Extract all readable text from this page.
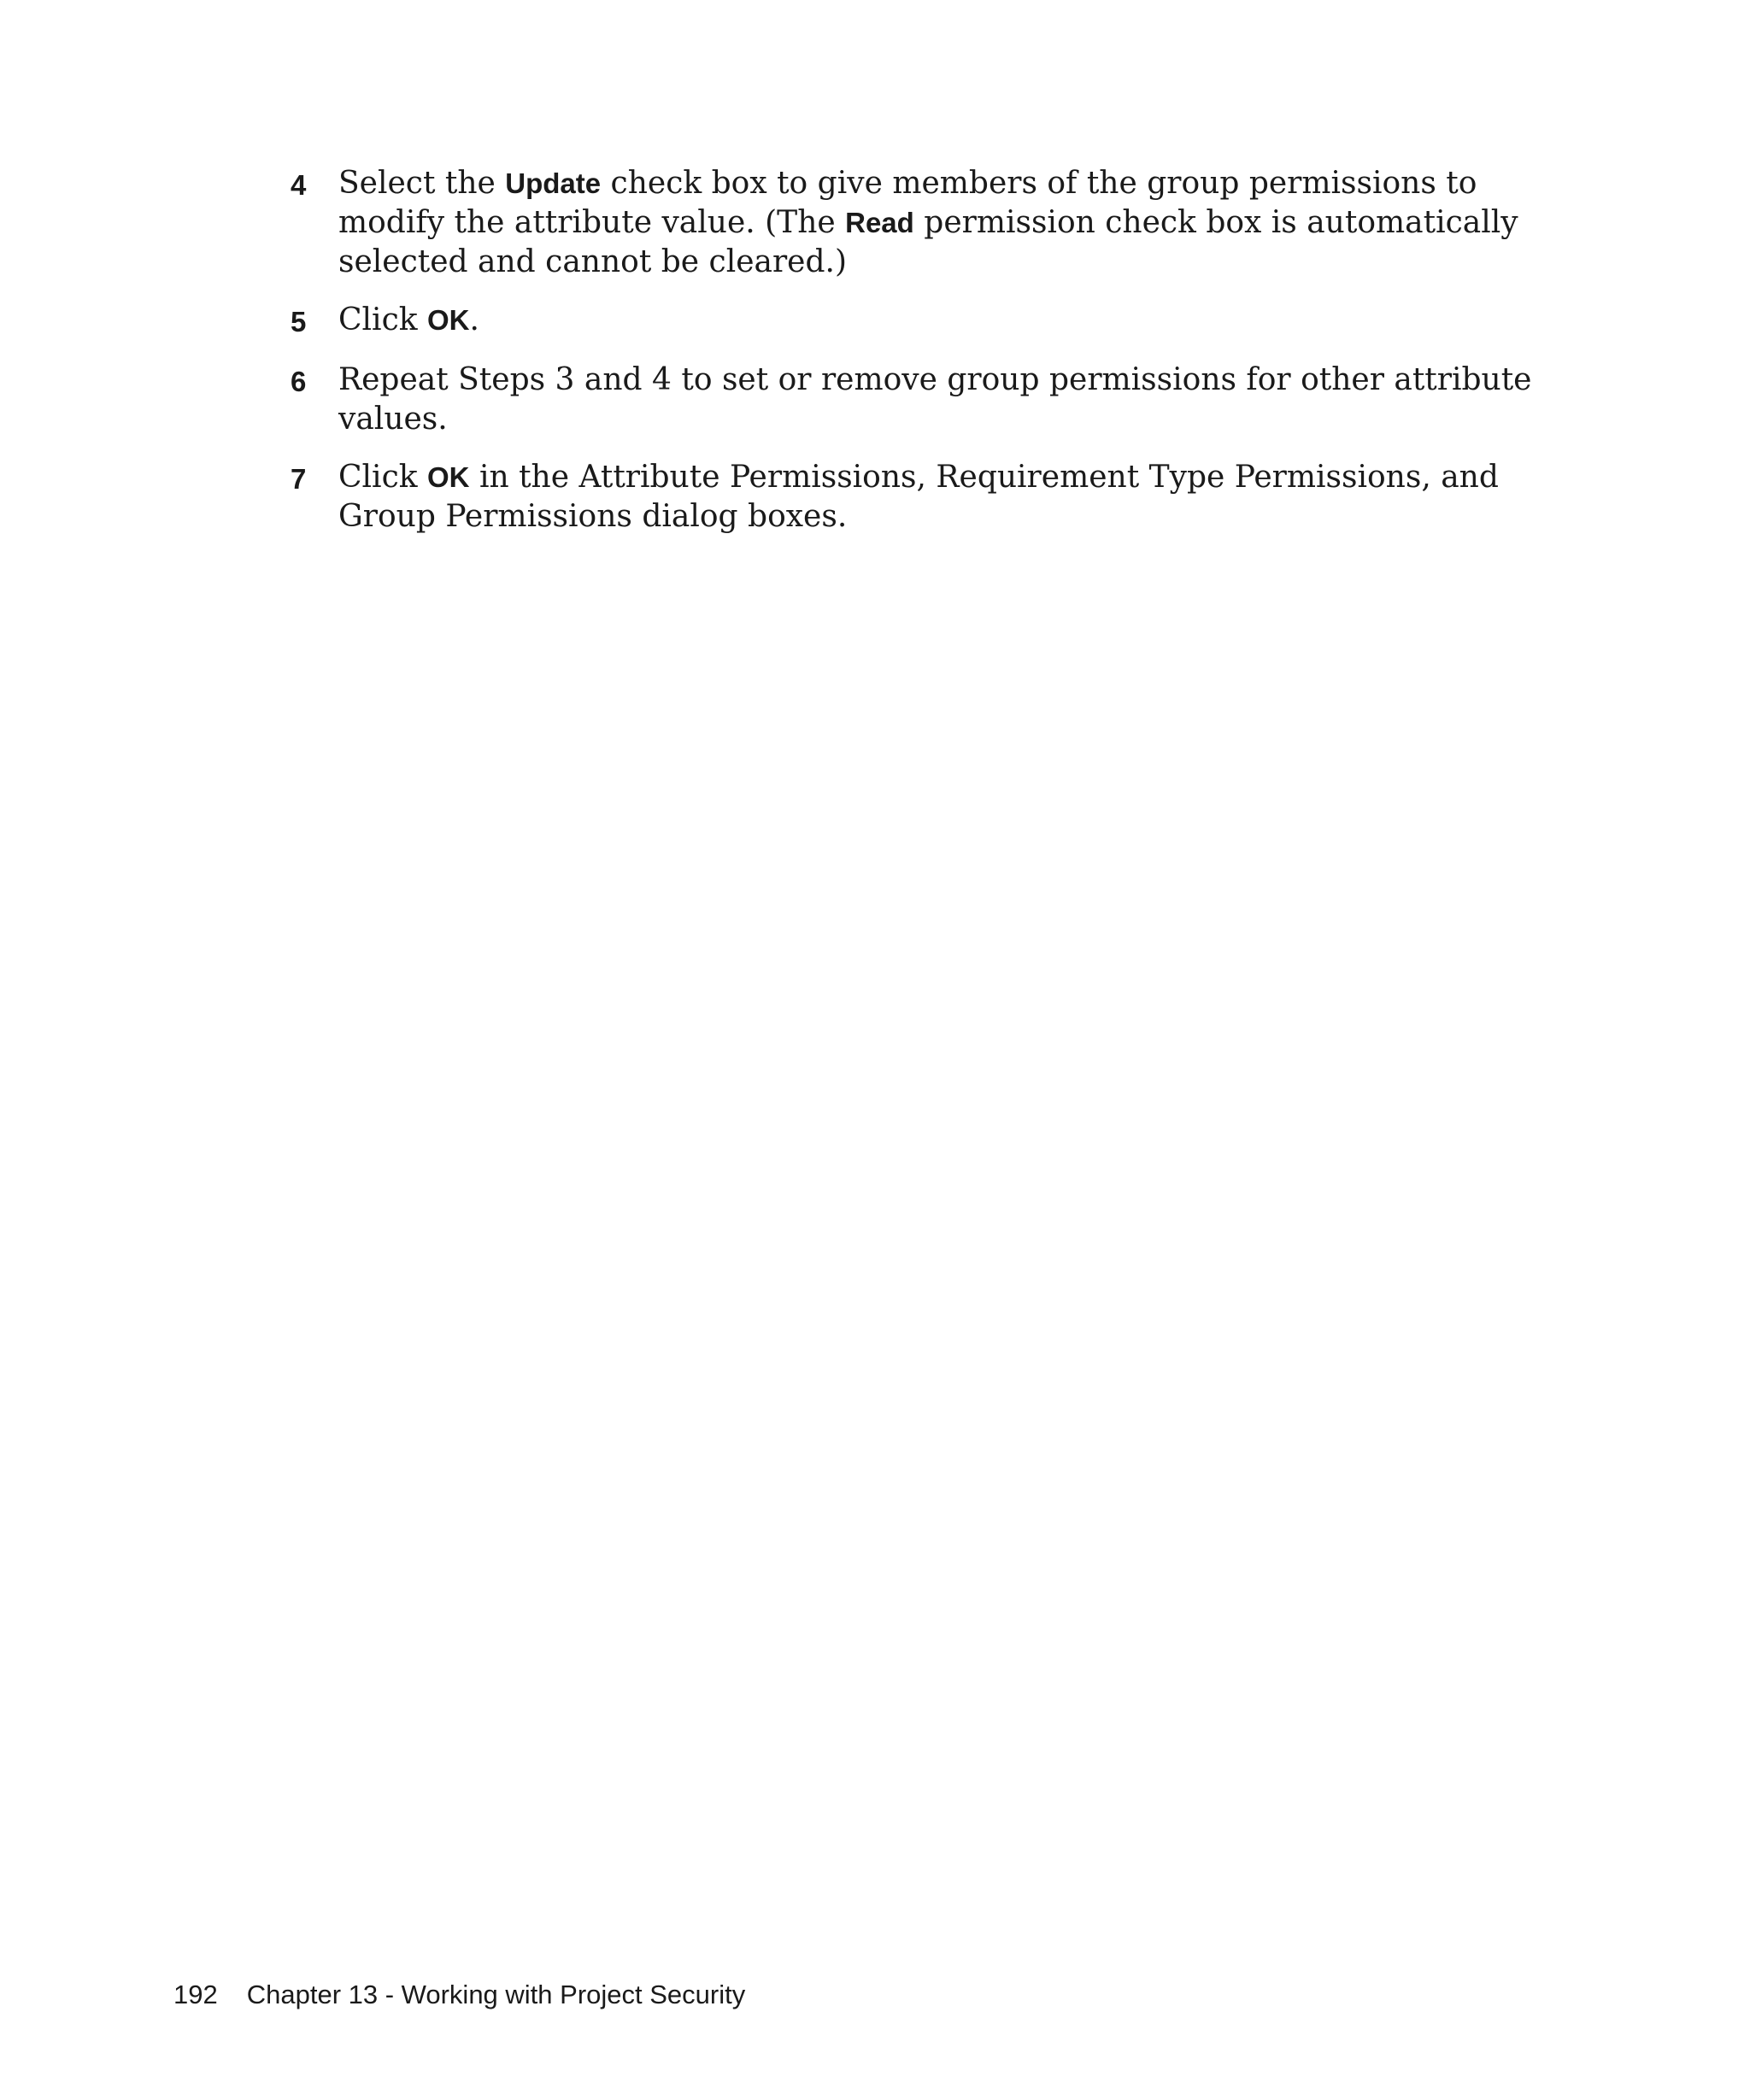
4	Select the Update check box to give members of the group permissions to modify the attribute value. (The Read permission check box is automatically selected and cannot be cleared.)
5	Click OK.
6	Repeat Steps 3 and 4 to set or remove group permissions for other attribute values.
7	Click OK in the Attribute Permissions, Requirement Type Permissions, and Group Permissions dialog boxes.
192 Chapter 13 - Working with Project Security
